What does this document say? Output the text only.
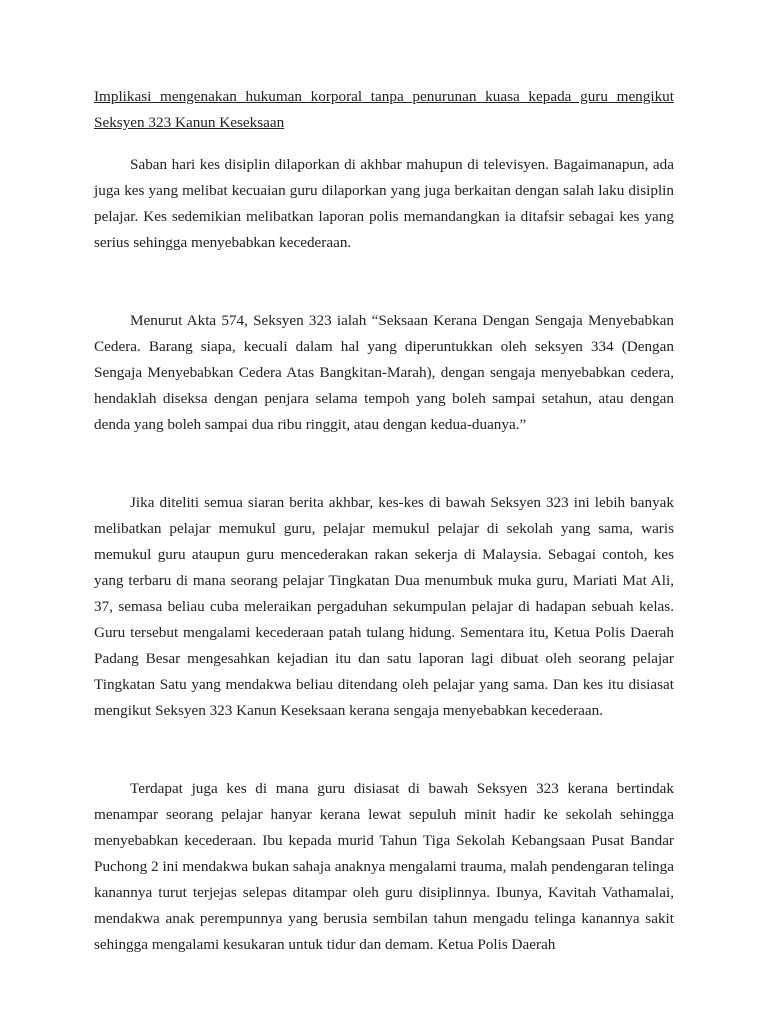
Implikasi mengenakan hukuman korporal tanpa penurunan kuasa kepada guru mengikut Seksyen 323 Kanun Keseksaan

Saban hari kes disiplin dilaporkan di akhbar mahupun di televisyen. Bagaimanapun, ada juga kes yang melibat kecuaian guru dilaporkan yang juga berkaitan dengan salah laku disiplin pelajar. Kes sedemikian melibatkan laporan polis memandangkan ia ditafsir sebagai kes yang serius sehingga menyebabkan kecederaan.

Menurut Akta 574, Seksyen 323 ialah “Seksaan Kerana Dengan Sengaja Menyebabkan Cedera. Barang siapa, kecuali dalam hal yang diperuntukkan oleh seksyen 334 (Dengan Sengaja Menyebabkan Cedera Atas Bangkitan-Marah), dengan sengaja menyebabkan cedera, hendaklah diseksa dengan penjara selama tempoh yang boleh sampai setahun, atau dengan denda yang boleh sampai dua ribu ringgit, atau dengan kedua-duanya.”

Jika diteliti semua siaran berita akhbar, kes-kes di bawah Seksyen 323 ini lebih banyak melibatkan pelajar memukul guru, pelajar memukul pelajar di sekolah yang sama, waris memukul guru ataupun guru mencederakan rakan sekerja di Malaysia. Sebagai contoh, kes yang terbaru di mana seorang pelajar Tingkatan Dua menumbuk muka guru, Mariati Mat Ali, 37, semasa beliau cuba meleraikan pergaduhan sekumpulan pelajar di hadapan sebuah kelas. Guru tersebut mengalami kecederaan patah tulang hidung. Sementara itu, Ketua Polis Daerah Padang Besar mengesahkan kejadian itu dan satu laporan lagi dibuat oleh seorang pelajar Tingkatan Satu yang mendakwa beliau ditendang oleh pelajar yang sama. Dan kes itu disiasat mengikut Seksyen 323 Kanun Keseksaan kerana sengaja menyebabkan kecederaan.

Terdapat juga kes di mana guru disiasat di bawah Seksyen 323 kerana bertindak menampar seorang pelajar hanyar kerana lewat sepuluh minit hadir ke sekolah sehingga menyebabkan kecederaan. Ibu kepada murid Tahun Tiga Sekolah Kebangsaan Pusat Bandar Puchong 2 ini mendakwa bukan sahaja anaknya mengalami trauma, malah pendengaran telinga kanannya turut terjejas selepas ditampar oleh guru disiplinnya. Ibunya, Kavitah Vathamalai, mendakwa anak perempunnya yang berusia sembilan tahun mengadu telinga kanannya sakit sehingga mengalami kesukaran untuk tidur dan demam. Ketua Polis Daerah
